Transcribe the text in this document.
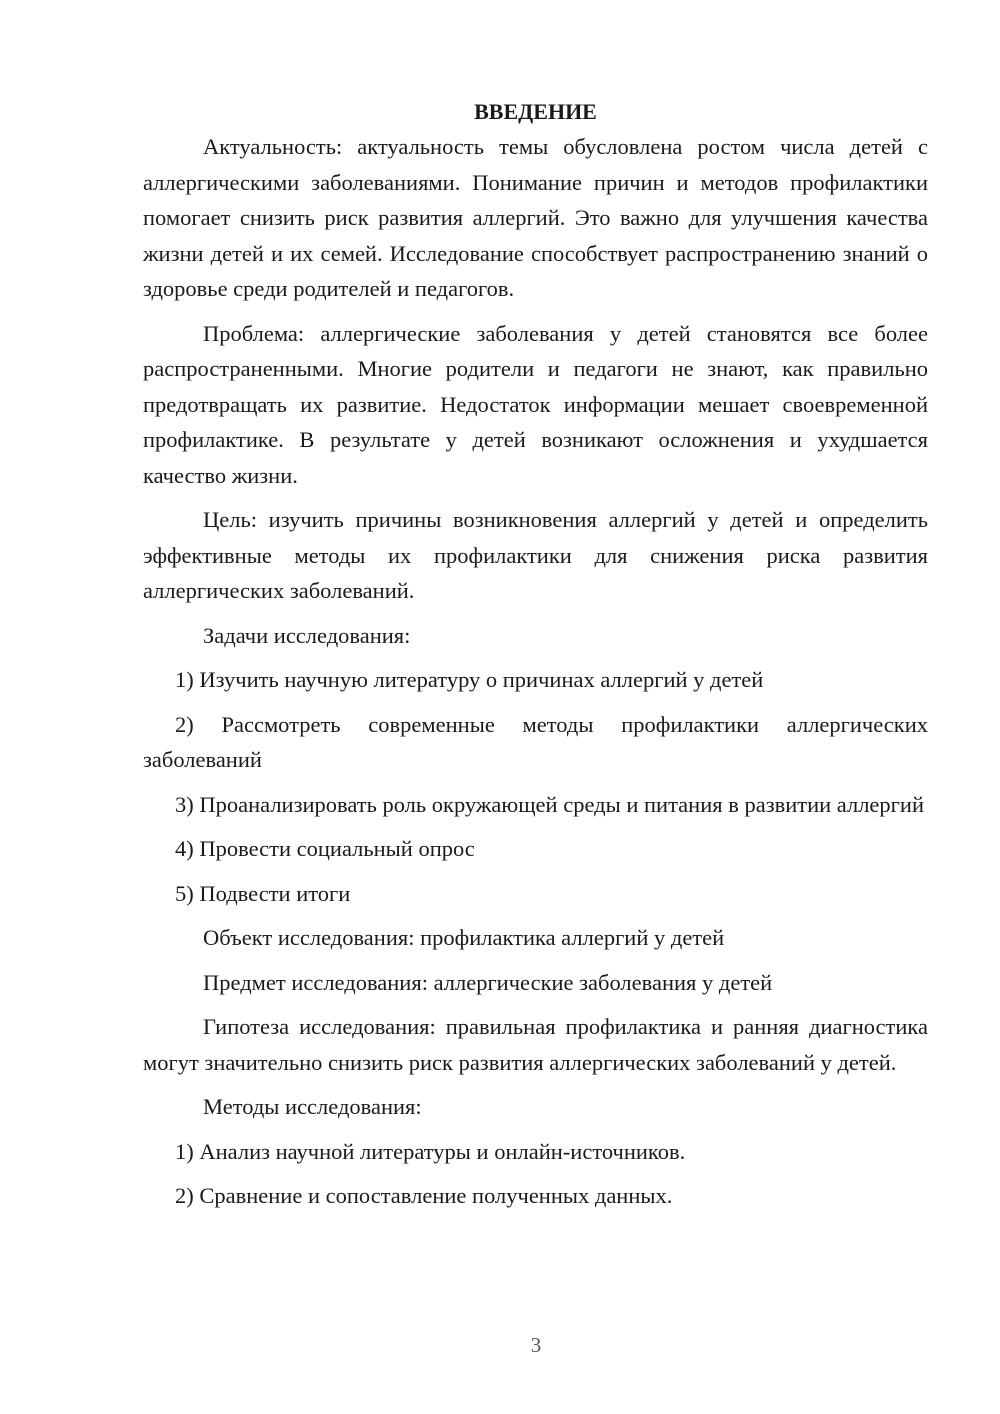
ВВЕДЕНИЕ

Актуальность: актуальность темы обусловлена ростом числа детей с аллергическими заболеваниями. Понимание причин и методов профилактики помогает снизить риск развития аллергий. Это важно для улучшения качества жизни детей и их семей. Исследование способствует распространению знаний о здоровье среди родителей и педагогов.

Проблема: аллергические заболевания у детей становятся все более распространенными. Многие родители и педагоги не знают, как правильно предотвращать их развитие. Недостаток информации мешает своевременной профилактике. В результате у детей возникают осложнения и ухудшается качество жизни.

Цель: изучить причины возникновения аллергий у детей и определить эффективные методы их профилактики для снижения риска развития аллергических заболеваний.

Задачи исследования:

1) Изучить научную литературу о причинах аллергий у детей

2) Рассмотреть современные методы профилактики аллергических заболеваний

3) Проанализировать роль окружающей среды и питания в развитии аллергий

4) Провести социальный опрос

5) Подвести итоги

Объект исследования: профилактика аллергий у детей

Предмет исследования: аллергические заболевания у детей

Гипотеза исследования: правильная профилактика и ранняя диагностика могут значительно снизить риск развития аллергических заболеваний у детей.

Методы исследования:

1) Анализ научной литературы и онлайн-источников.

2) Сравнение и сопоставление полученных данных.

3
